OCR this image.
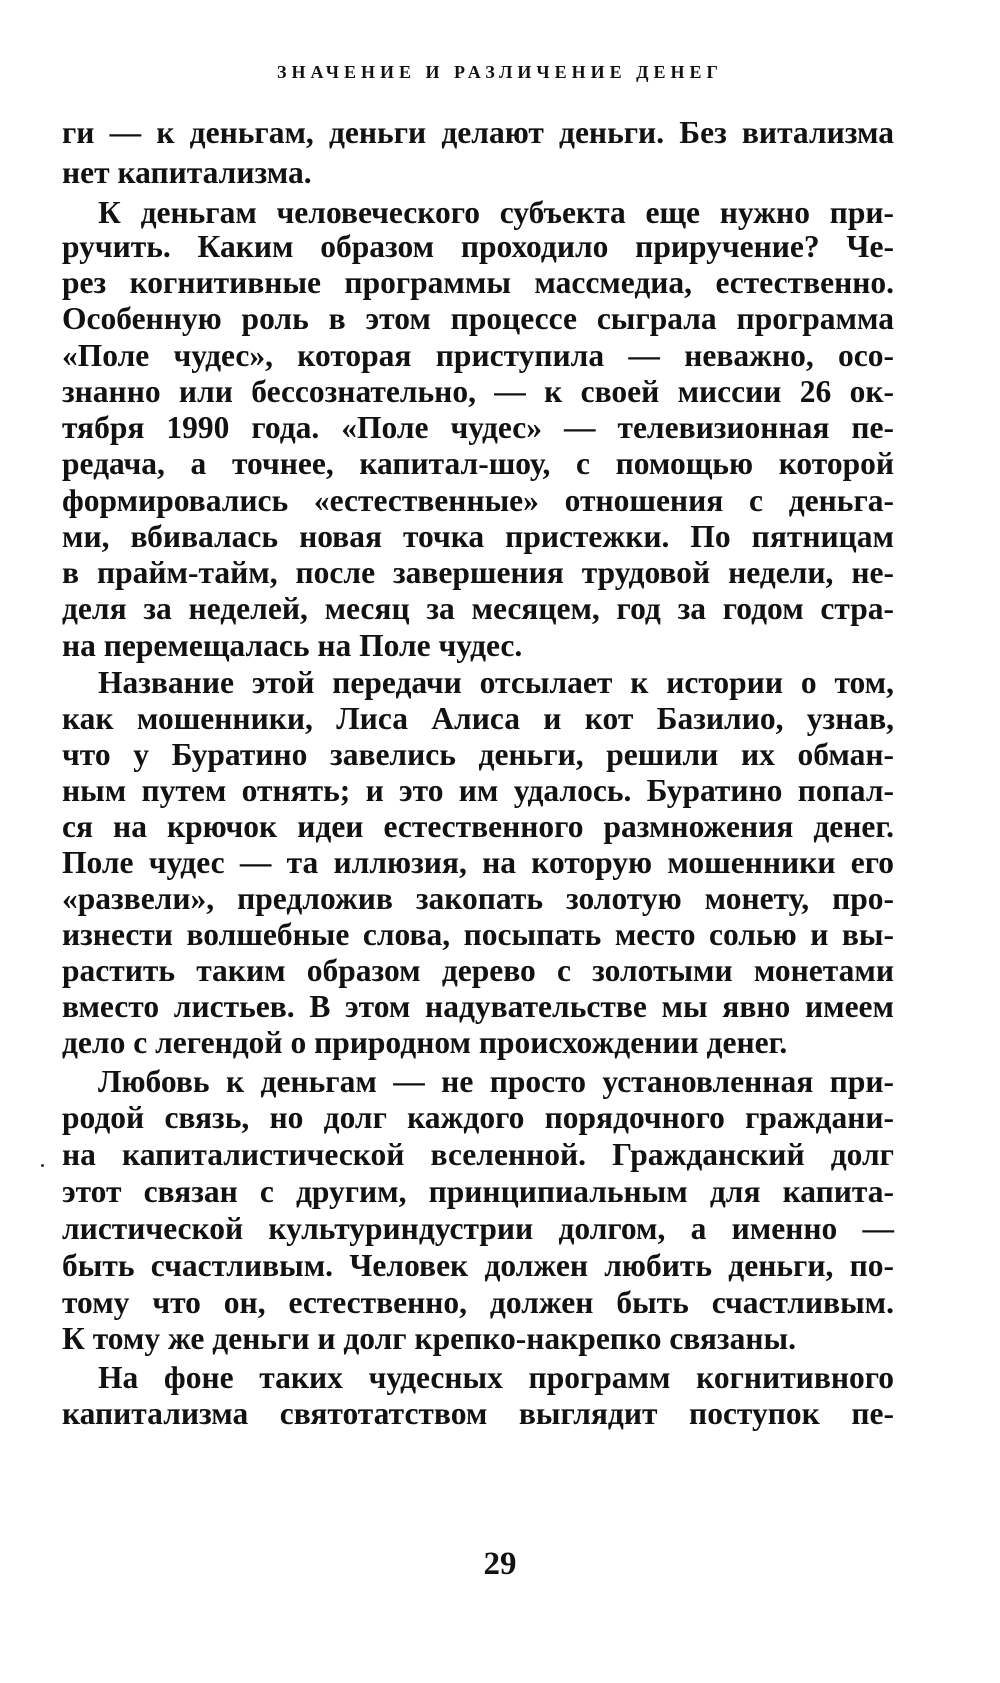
ЗНАЧЕНИЕ И РАЗЛИЧЕНИЕ ДЕНЕГ
ги — к деньгам, деньги делают деньги. Без витализма
нет капитализма.
К деньгам человеческого субъекта еще нужно при-
ручить. Каким образом проходило приручение? Че-
рез когнитивные программы массмедиа, естественно.
Особенную роль в этом процессе сыграла программа
«Поле чудес», которая приступила — неважно, осо-
знанно или бессознательно, — к своей миссии 26 ок-
тября 1990 года. «Поле чудес» — телевизионная пе-
редача, а точнее, капитал-шоу, с помощью которой
формировались «естественные» отношения с деньга-
ми, вбивалась новая точка пристежки. По пятницам
в прайм-тайм, после завершения трудовой недели, не-
деля за неделей, месяц за месяцем, год за годом стра-
на перемещалась на Поле чудес.
Название этой передачи отсылает к истории о том,
как мошенники, Лиса Алиса и кот Базилио, узнав,
что у Буратино завелись деньги, решили их обман-
ным путем отнять; и это им удалось. Буратино попал-
ся на крючок идеи естественного размножения денег.
Поле чудес — та иллюзия, на которую мошенники его
«развели», предложив закопать золотую монету, про-
изнести волшебные слова, посыпать место солью и вы-
растить таким образом дерево с золотыми монетами
вместо листьев. В этом надувательстве мы явно имеем
дело с легендой о природном происхождении денег.
Любовь к деньгам — не просто установленная при-
родой связь, но долг каждого порядочного граждани-
на капиталистической вселенной. Гражданский долг
этот связан с другим, принципиальным для капита-
листической культуриндустрии долгом, а именно —
быть счастливым. Человек должен любить деньги, по-
тому что он, естественно, должен быть счастливым.
К тому же деньги и долг крепко-накрепко связаны.
На фоне таких чудесных программ когнитивного
капитализма святотатством выглядит поступок пе-
29
